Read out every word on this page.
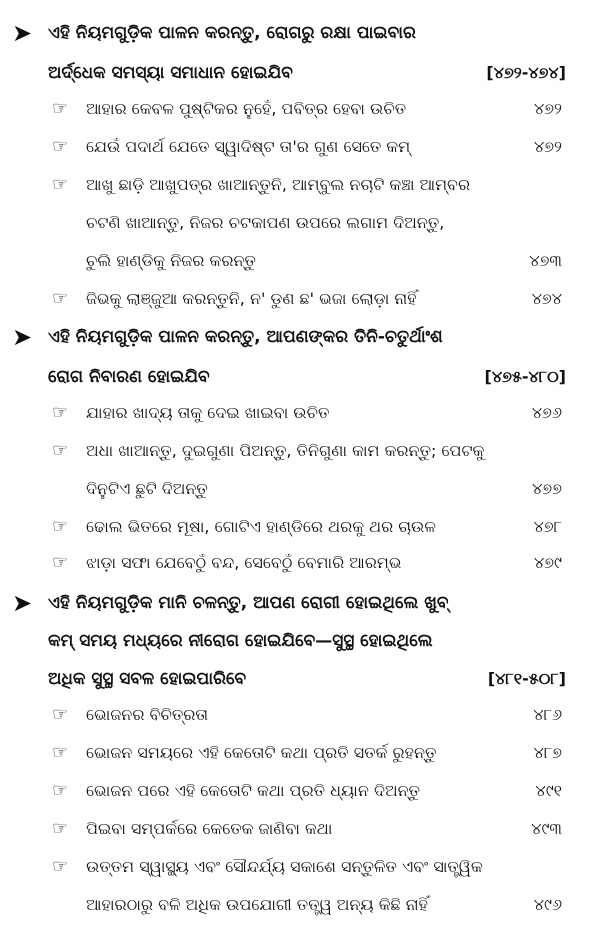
➤ ଏହି ନିୟମଗୁଡ଼ିକ ପାଳନ କରନ୍ତୁ, ରୋଗରୁ ରକ୍ଷା ପାଇବାର
ଅର୍ଦ୍ଧେକ ସମସ୍ୟା ସମାଧାନ ହୋଇଯିବ	[୪୭୨-୪୭୪]
☞ ଆହାର କେବଳ ପୁଷ୍ଟିକର ନୁହେଁ, ପବିତ୍ର ହେବା ଉଚିତ	୪୭୨
☞ ଯେଉଁ ପଦାର୍ଥ ଯେତେ ସ୍ୱାଦିଷ୍ଟ ତା'ର ଗୁଣ ସେତେ କମ୍	୪୭୨
☞ ଆଖୁ ଛାଡ଼ି ଆଖୁପତ୍ର ଖାଆନ୍ତୁନି, ଆମ୍ବୁଲ ନଚାଟି କଞ୍ଚା ଆମ୍ବର
ଚଟଣି ଖାଆନ୍ତୁ, ନିଜର ଚଟକାପଣ ଉପରେ ଲଗାମ ଦିଅନ୍ତୁ,
ଚୁଲି ହାଣ୍ଡିକୁ ନିଜର କରନ୍ତୁ	୪୭୩
☞ ଜିଭକୁ ଲାଞ୍ଜୁଆ କରନ୍ତୁନି, ନ' ଡୁଣ ଛ' ଭଜା ଲୋଡ଼ା ନାହିଁ	୪୭୪
➤ ଏହି ନିୟମଗୁଡ଼ିକ ପାଳନ କରନ୍ତୁ, ଆପଣଙ୍କର ତିନି-ଚତୁର୍ଥାଂଶ
ରୋଗ ନିବାରଣ ହୋଇଯିବ	[୪୭୫-୪୮୦]
☞ ଯାହାର ଖାଦ୍ୟ ତାକୁ ଦେଇ ଖାଇବା ଉଚିତ	୪୭୬
☞ ଅଧା ଖାଆନ୍ତୁ, ଦୁଇଗୁଣା ପିଅନ୍ତୁ, ତିନିଗୁଣା କାମ କରନ୍ତୁ; ପେଟକୁ
ଦିନୁଟିଏ ଛୁଟି ଦିଅନ୍ତୁ	୪୭୭
☞ ଢୋଲ ଭିତରେ ମୂଷା, ଗୋଟିଏ ହାଣ୍ଡିରେ ଥରକୁ ଥର ଚାଉଳ	୪୭୮
☞ ଝାଡ଼ା ସଫା ଯେବେଠୁଁ ବନ୍ଦ, ସେବେଠୁଁ ବେମାରି ଆରମ୍ଭ	୪୭୯
➤ ଏହି ନିୟମଗୁଡ଼ିକ ମାନି ଚଳନ୍ତୁ, ଆପଣ ରୋଗୀ ହୋଇଥିଲେ ଖୁବ୍
କମ୍ ସମୟ ମଧ୍ୟରେ ନୀରୋଗ ହୋଇଯିବେ—ସୁସ୍ଥ ହୋଇଥିଲେ
ଅଧିକ ସୁସ୍ଥ ସବଳ ହୋଇପାରିବେ	[୪୮୧-୫୦୮]
☞ ଭୋଜନର ବିଚିତ୍ରତା	୪୮୬
☞ ଭୋଜନ ସମୟରେ ଏହି କେତୋଟି କଥା ପ୍ରତି ସତର୍କ ରୁହନ୍ତୁ	୪୮୭
☞ ଭୋଜନ ପରେ ଏହି କେତୋଟି କଥା ପ୍ରତି ଧ୍ୟାନ ଦିଅନ୍ତୁ	୪୯୧
☞ ପିଇବା ସମ୍ପର୍କରେ କେତେକ ଜାଣିବା କଥା	୪୯୩
☞ ଉତ୍ତମ ସ୍ୱାସ୍ଥ୍ୟ ଏବଂ ସୌନ୍ଦର୍ଯ୍ୟ ସକାଶେ ସନ୍ତୁଳିତ ଏବଂ ସାତ୍ତ୍ୱିକ
ଆହାରଠାରୁ ବଳି ଅଧିକ ଉପଯୋଗୀ ତତ୍ତ୍ୱ ଅନ୍ୟ କିଛି ନାହିଁ	୪୯୬
